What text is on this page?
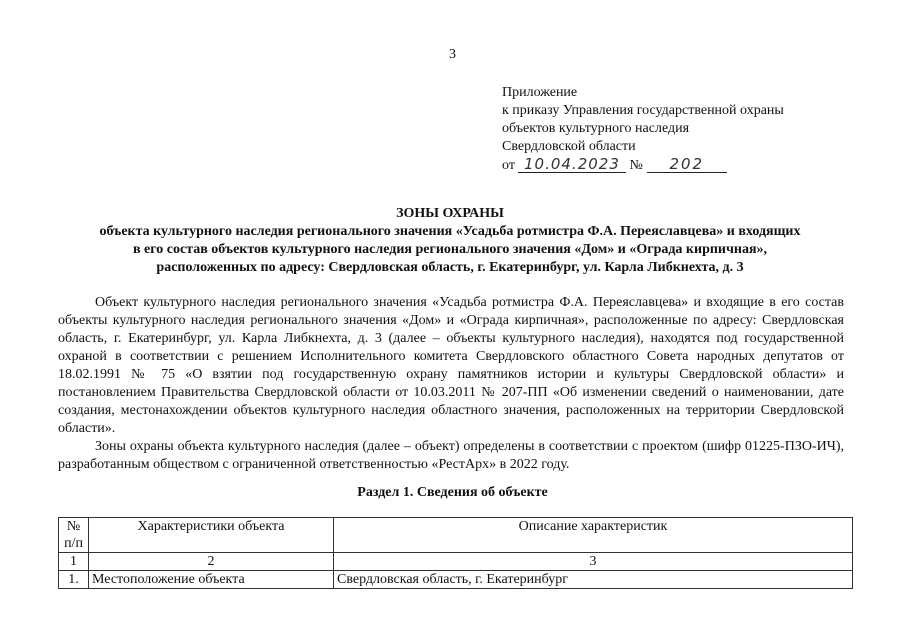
3
Приложение
к приказу Управления государственной охраны
объектов культурного наследия
Свердловской области
от 10.04.2023 № 202
ЗОНЫ ОХРАНЫ
объекта культурного наследия регионального значения «Усадьба ротмистра Ф.А. Переяславцева» и входящих
в его состав объектов культурного наследия регионального значения «Дом» и «Ограда кирпичная»,
расположенных по адресу: Свердловская область, г. Екатеринбург, ул. Карла Либкнехта, д. 3

Объект культурного наследия регионального значения «Усадьба ротмистра Ф.А. Переяславцева» и входящие в его состав объекты культурного наследия регионального значения «Дом» и «Ограда кирпичная», расположенные по адресу: Свердловская область, г. Екатеринбург, ул. Карла Либкнехта, д. 3 (далее – объекты культурного наследия), находятся под государственной охраной в соответствии с решением Исполнительного комитета Свердловского областного Совета народных депутатов от 18.02.1991 № 75 «О взятии под государственную охрану памятников истории и культуры Свердловской области» и постановлением Правительства Свердловской области от 10.03.2011 № 207-ПП «Об изменении сведений о наименовании, дате создания, местонахождении объектов культурного наследия областного значения, расположенных на территории Свердловской области».

Зоны охраны объекта культурного наследия (далее – объект) определены в соответствии с проектом (шифр 01225-ПЗО-ИЧ), разработанным обществом с ограниченной ответственностью «РестАрх» в 2022 году.

Раздел 1. Сведения об объекте
№ п/п	Характеристики объекта	Описание характеристик
1	2	3
1.	Местоположение объекта	Свердловская область, г. Екатеринбург
